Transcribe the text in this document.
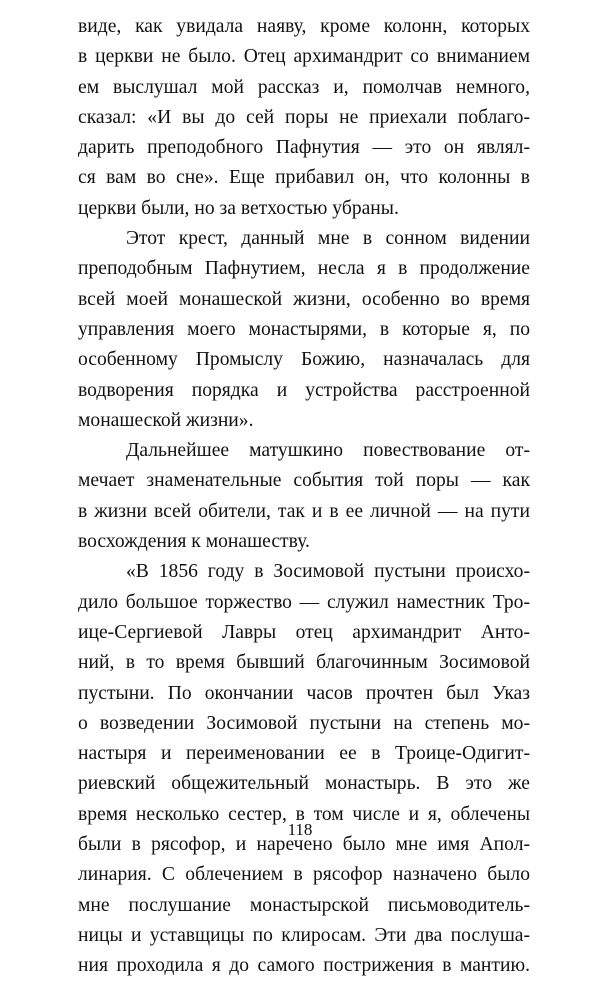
виде, как увидала наяву, кроме колонн, которых
в церкви не было. Отец архимандрит со вниманием
ем выслушал мой рассказ и, помолчав немного,
сказал: «И вы до сей поры не приехали поблаго-
дарить преподобного Пафнутия — это он являл-
ся вам во сне». Еще прибавил он, что колонны в
церкви были, но за ветхостью убраны.
Этот крест, данный мне в сонном видении
преподобным Пафнутием, несла я в продолжение
всей моей монашеской жизни, особенно во время
управления моего монастырями, в которые я, по
особенному Промыслу Божию, назначалась для
водворения порядка и устройства расстроенной
монашеской жизни».
Дальнейшее матушкино повествование от-
мечает знаменательные события той поры — как
в жизни всей обители, так и в ее личной — на пути
восхождения к монашеству.
«В 1856 году в Зосимовой пустыни происхо-
дило большое торжество — служил наместник Тро-
ице-Сергиевой Лавры отец архимандрит Анто-
ний, в то время бывший благочинным Зосимовой
пустыни. По окончании часов прочтен был Указ
о возведении Зосимовой пустыни на степень мо-
настыря и переименовании ее в Троице-Одигит-
риевский общежительный монастырь. В это же
время несколько сестер, в том числе и я, облечены
были в рясофор, и наречено было мне имя Апол-
линария. С облечением в рясофор назначено было
мне послушание монастырской письмоводитель-
ницы и уставщицы по клиросам. Эти два послуша-
ния проходила я до самого пострижения в мантию.
118
